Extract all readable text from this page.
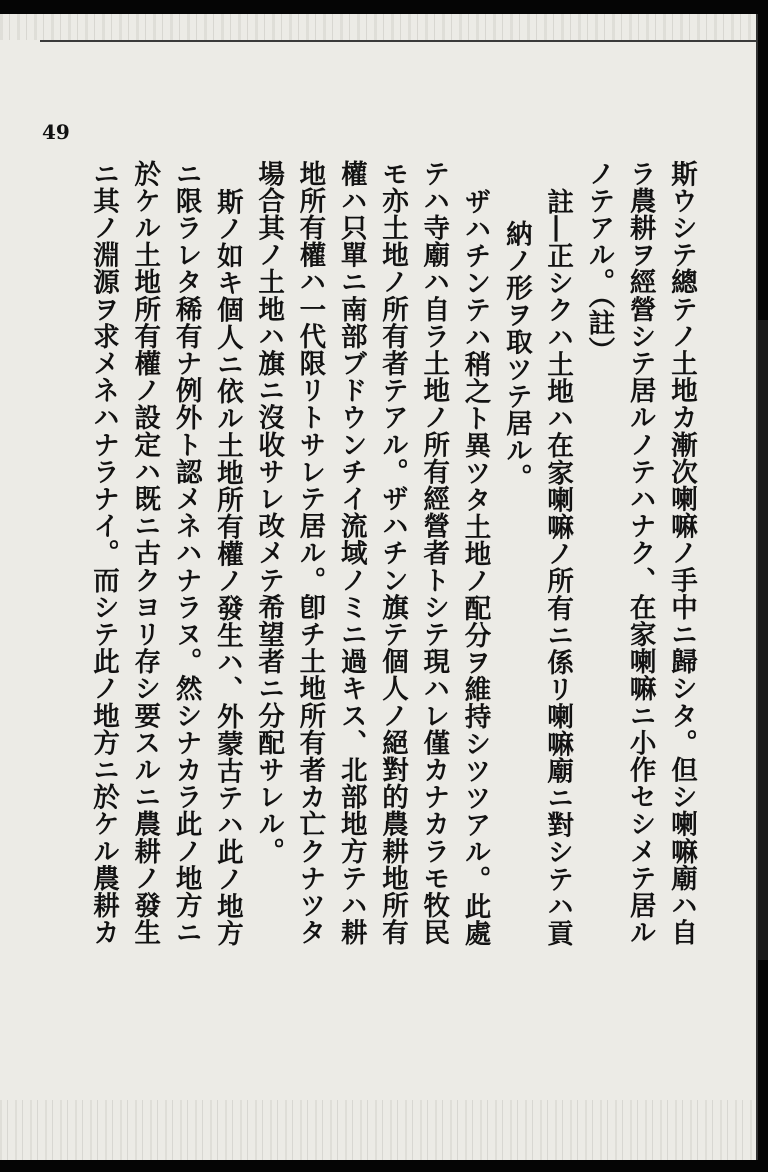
49
斯ウシテ總テノ土地カ漸次喇嘛ノ手中ニ歸シタ。但シ喇嘛廟ハ自
ラ農耕ヲ經營シテ居ルノテハナク、在家喇嘛ニ小作セシメテ居ル
ノテアル。（註）
註―正シクハ土地ハ在家喇嘛ノ所有ニ係リ喇嘛廟ニ對シテハ貢
納ノ形ヲ取ツテ居ル。
ザハチンテハ稍之ト異ツタ土地ノ配分ヲ維持シツツアル。此處
テハ寺廟ハ自ラ土地ノ所有經營者トシテ現ハレ僅カナカラモ牧民
モ亦土地ノ所有者テアル。ザハチン旗テ個人ノ絕對的農耕地所有
權ハ只單ニ南部ブドウンチイ流域ノミニ過キス、北部地方テハ耕
地所有權ハ一代限リトサレテ居ル。卽チ土地所有者カ亡クナツタ
場合其ノ土地ハ旗ニ沒收サレ改メテ希望者ニ分配サレル。
斯ノ如キ個人ニ依ル土地所有權ノ發生ハ、外蒙古テハ此ノ地方
ニ限ラレタ稀有ナ例外ト認メネハナラヌ。然シナカラ此ノ地方ニ
於ケル土地所有權ノ設定ハ既ニ古クヨリ存シ要スルニ農耕ノ發生
ニ其ノ淵源ヲ求メネハナラナイ。而シテ此ノ地方ニ於ケル農耕カ
